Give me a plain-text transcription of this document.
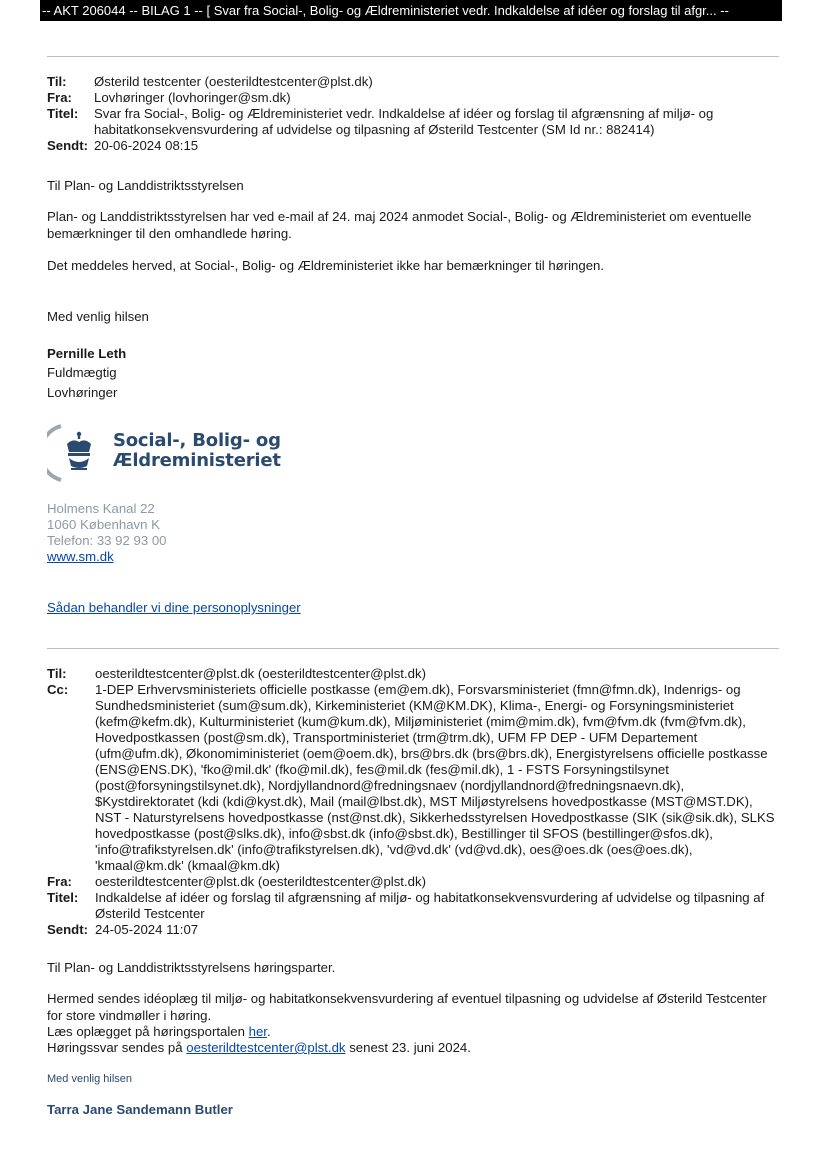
-- AKT 206044 -- BILAG 1 -- [ Svar fra Social-, Bolig- og Ældreministeriet vedr. Indkaldelse af idéer og forslag til afgr... --
Til:	Østerild testcenter (oesterildtestcenter@plst.dk)
Fra:	Lovhøringer (lovhoringer@sm.dk)
Titel:	Svar fra Social-, Bolig- og Ældreministeriet vedr. Indkaldelse af idéer og forslag til afgrænsning af miljø- og habitatkonsekvensvurdering af udvidelse og tilpasning af Østerild Testcenter (SM Id nr.: 882414)
Sendt: 20-06-2024 08:15

Til Plan- og Landdistriktsstyrelsen

Plan- og Landdistriktsstyrelsen har ved e-mail af 24. maj 2024 anmodet Social-, Bolig- og Ældreministeriet om eventuelle bemærkninger til den omhandlede høring.

Det meddeles herved, at Social-, Bolig- og Ældreministeriet ikke har bemærkninger til høringen.

Med venlig hilsen

Pernille Leth

Fuldmægtig

Lovhøringer

Social-, Bolig- og
Ældreministeriet

Holmens Kanal 22

1060 København K

Telefon: 33 92 93 00

www.sm.dk

Sådan behandler vi dine personoplysninger

Til:	oesterildtestcenter@plst.dk (oesterildtestcenter@plst.dk)
Cc:	1-DEP Erhvervsministeriets officielle postkasse (em@em.dk), Forsvarsministeriet (fmn@fmn.dk), Indenrigs- og Sundhedsministeriet (sum@sum.dk), Kirkeministeriet (KM@KM.DK), Klima-, Energi- og Forsyningsministeriet (kefm@kefm.dk), Kulturministeriet (kum@kum.dk), Miljøministeriet (mim@mim.dk), fvm@fvm.dk (fvm@fvm.dk), Hovedpostkassen (post@sm.dk), Transportministeriet (trm@trm.dk), UFM FP DEP - UFM Departement (ufm@ufm.dk), Økonomiministeriet (oem@oem.dk), brs@brs.dk (brs@brs.dk), Energistyrelsens officielle postkasse (ENS@ENS.DK), 'fko@mil.dk' (fko@mil.dk), fes@mil.dk (fes@mil.dk), 1 - FSTS Forsyningstilsynet (post@forsyningstilsynet.dk), Nordjyllandnord@fredningsnaev (nordjyllandnord@fredningsnaevn.dk), $Kystdirektoratet (kdi (kdi@kyst.dk), Mail (mail@lbst.dk), MST Miljøstyrelsens hovedpostkasse (MST@MST.DK), NST - Naturstyrelsens hovedpostkasse (nst@nst.dk), Sikkerhedsstyrelsen Hovedpostkasse (SIK (sik@sik.dk), SLKS hovedpostkasse (post@slks.dk), info@sbst.dk (info@sbst.dk), Bestillinger til SFOS (bestillinger@sfos.dk), 'info@trafikstyrelsen.dk' (info@trafikstyrelsen.dk), 'vd@vd.dk' (vd@vd.dk), oes@oes.dk (oes@oes.dk), 'kmaal@km.dk' (kmaal@km.dk)
Fra:	oesterildtestcenter@plst.dk (oesterildtestcenter@plst.dk)
Titel:	Indkaldelse af idéer og forslag til afgrænsning af miljø- og habitatkonsekvensvurdering af udvidelse og tilpasning af Østerild Testcenter
Sendt: 24-05-2024 11:07

Til Plan- og Landdistriktsstyrelsens høringsparter.

Hermed sendes idéoplæg til miljø- og habitatkonsekvensvurdering af eventuel tilpasning og udvidelse af Østerild Testcenter for store vindmøller i høring.

Læs oplægget på høringsportalen her.

Høringssvar sendes på oesterildtestcenter@plst.dk senest 23. juni 2024.

Med venlig hilsen

Tarra Jane Sandemann Butler
